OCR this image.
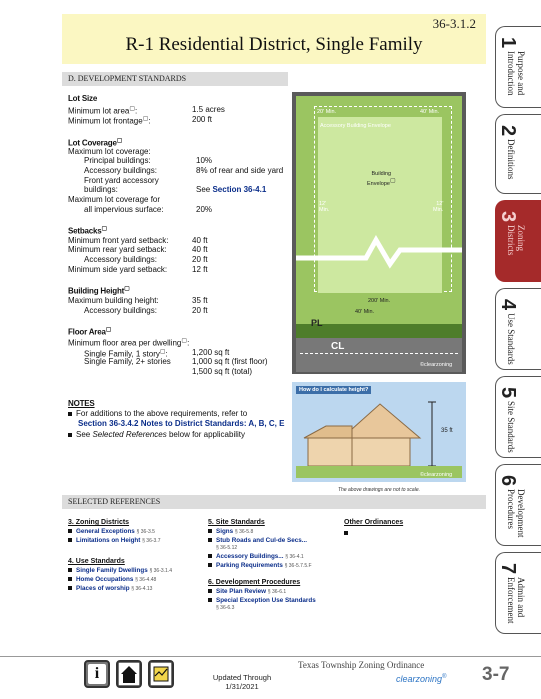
36-3.1.2
R-1 Residential District, Single Family
D. DEVELOPMENT STANDARDS
Lot Size
Minimum lot area▢:	1.5 acres
Minimum lot frontage▢:	200 ft
Lot Coverage▢
Maximum lot coverage:
Principal buildings:	10%
Accessory buildings:	8% of rear and side yard
Front yard accessory
buildings:	See Section 36-4.1
Maximum lot coverage for
all impervious surface:	20%
Setbacks▢
Minimum front yard setback:	40 ft
Minimum rear yard setback:	40 ft
Accessory buildings:	20 ft
Minimum side yard setback:	12 ft
Building Height▢
Maximum building height:	35 ft
Accessory buildings:	20 ft
Floor Area▢
Minimum floor area per dwelling▢:
Single Family, 1 story▢:	1,200 sq ft
Single Family, 2+ stories	1,000 sq ft (first floor)
1,500 sq ft (total)
NOTES
For additions to the above requirements, refer to
Section 36-3.4.2 Notes to District Standards: A, B, C, E
See Selected References below for applicability
20' Min.	40' Min.
Accessory Building Envelope
Building
Envelope▢
12'
Min.
12'
Min.
200' Min.
40' Min.
PL
CL
©clearzoning
How do I calculate height?
35 ft
©clearzoning
The above drawings are not to scale.
SELECTED REFERENCES
3. Zoning Districts
General Exceptions § 36-3.5
Limitations on Height § 36-3.7
4. Use Standards
Single Family Dwellings § 36-3.1.4
Home Occupations § 36-4.48
Places of worship § 36-4.13
5. Site Standards
Signs § 36-5.8
Stub Roads and Cul-de Secs...
§ 36-5.12
Accessory Buildings... § 36-4.1
Parking Requirements § 36-5.7.5.F
6. Development Procedures
Site Plan Review § 36-6.1
Special Exception Use Standards
§ 36-6.3
Other Ordinances
1
Purpose and Introduction
2
Definitions
3
Zoning Districts
4
Use Standards
5
Site Standards
6
Development Procedures
7
Admin and Enforcement
i	Updated Through
1/31/2021
Texas Township Zoning Ordinance
clearzoning® 3-7
